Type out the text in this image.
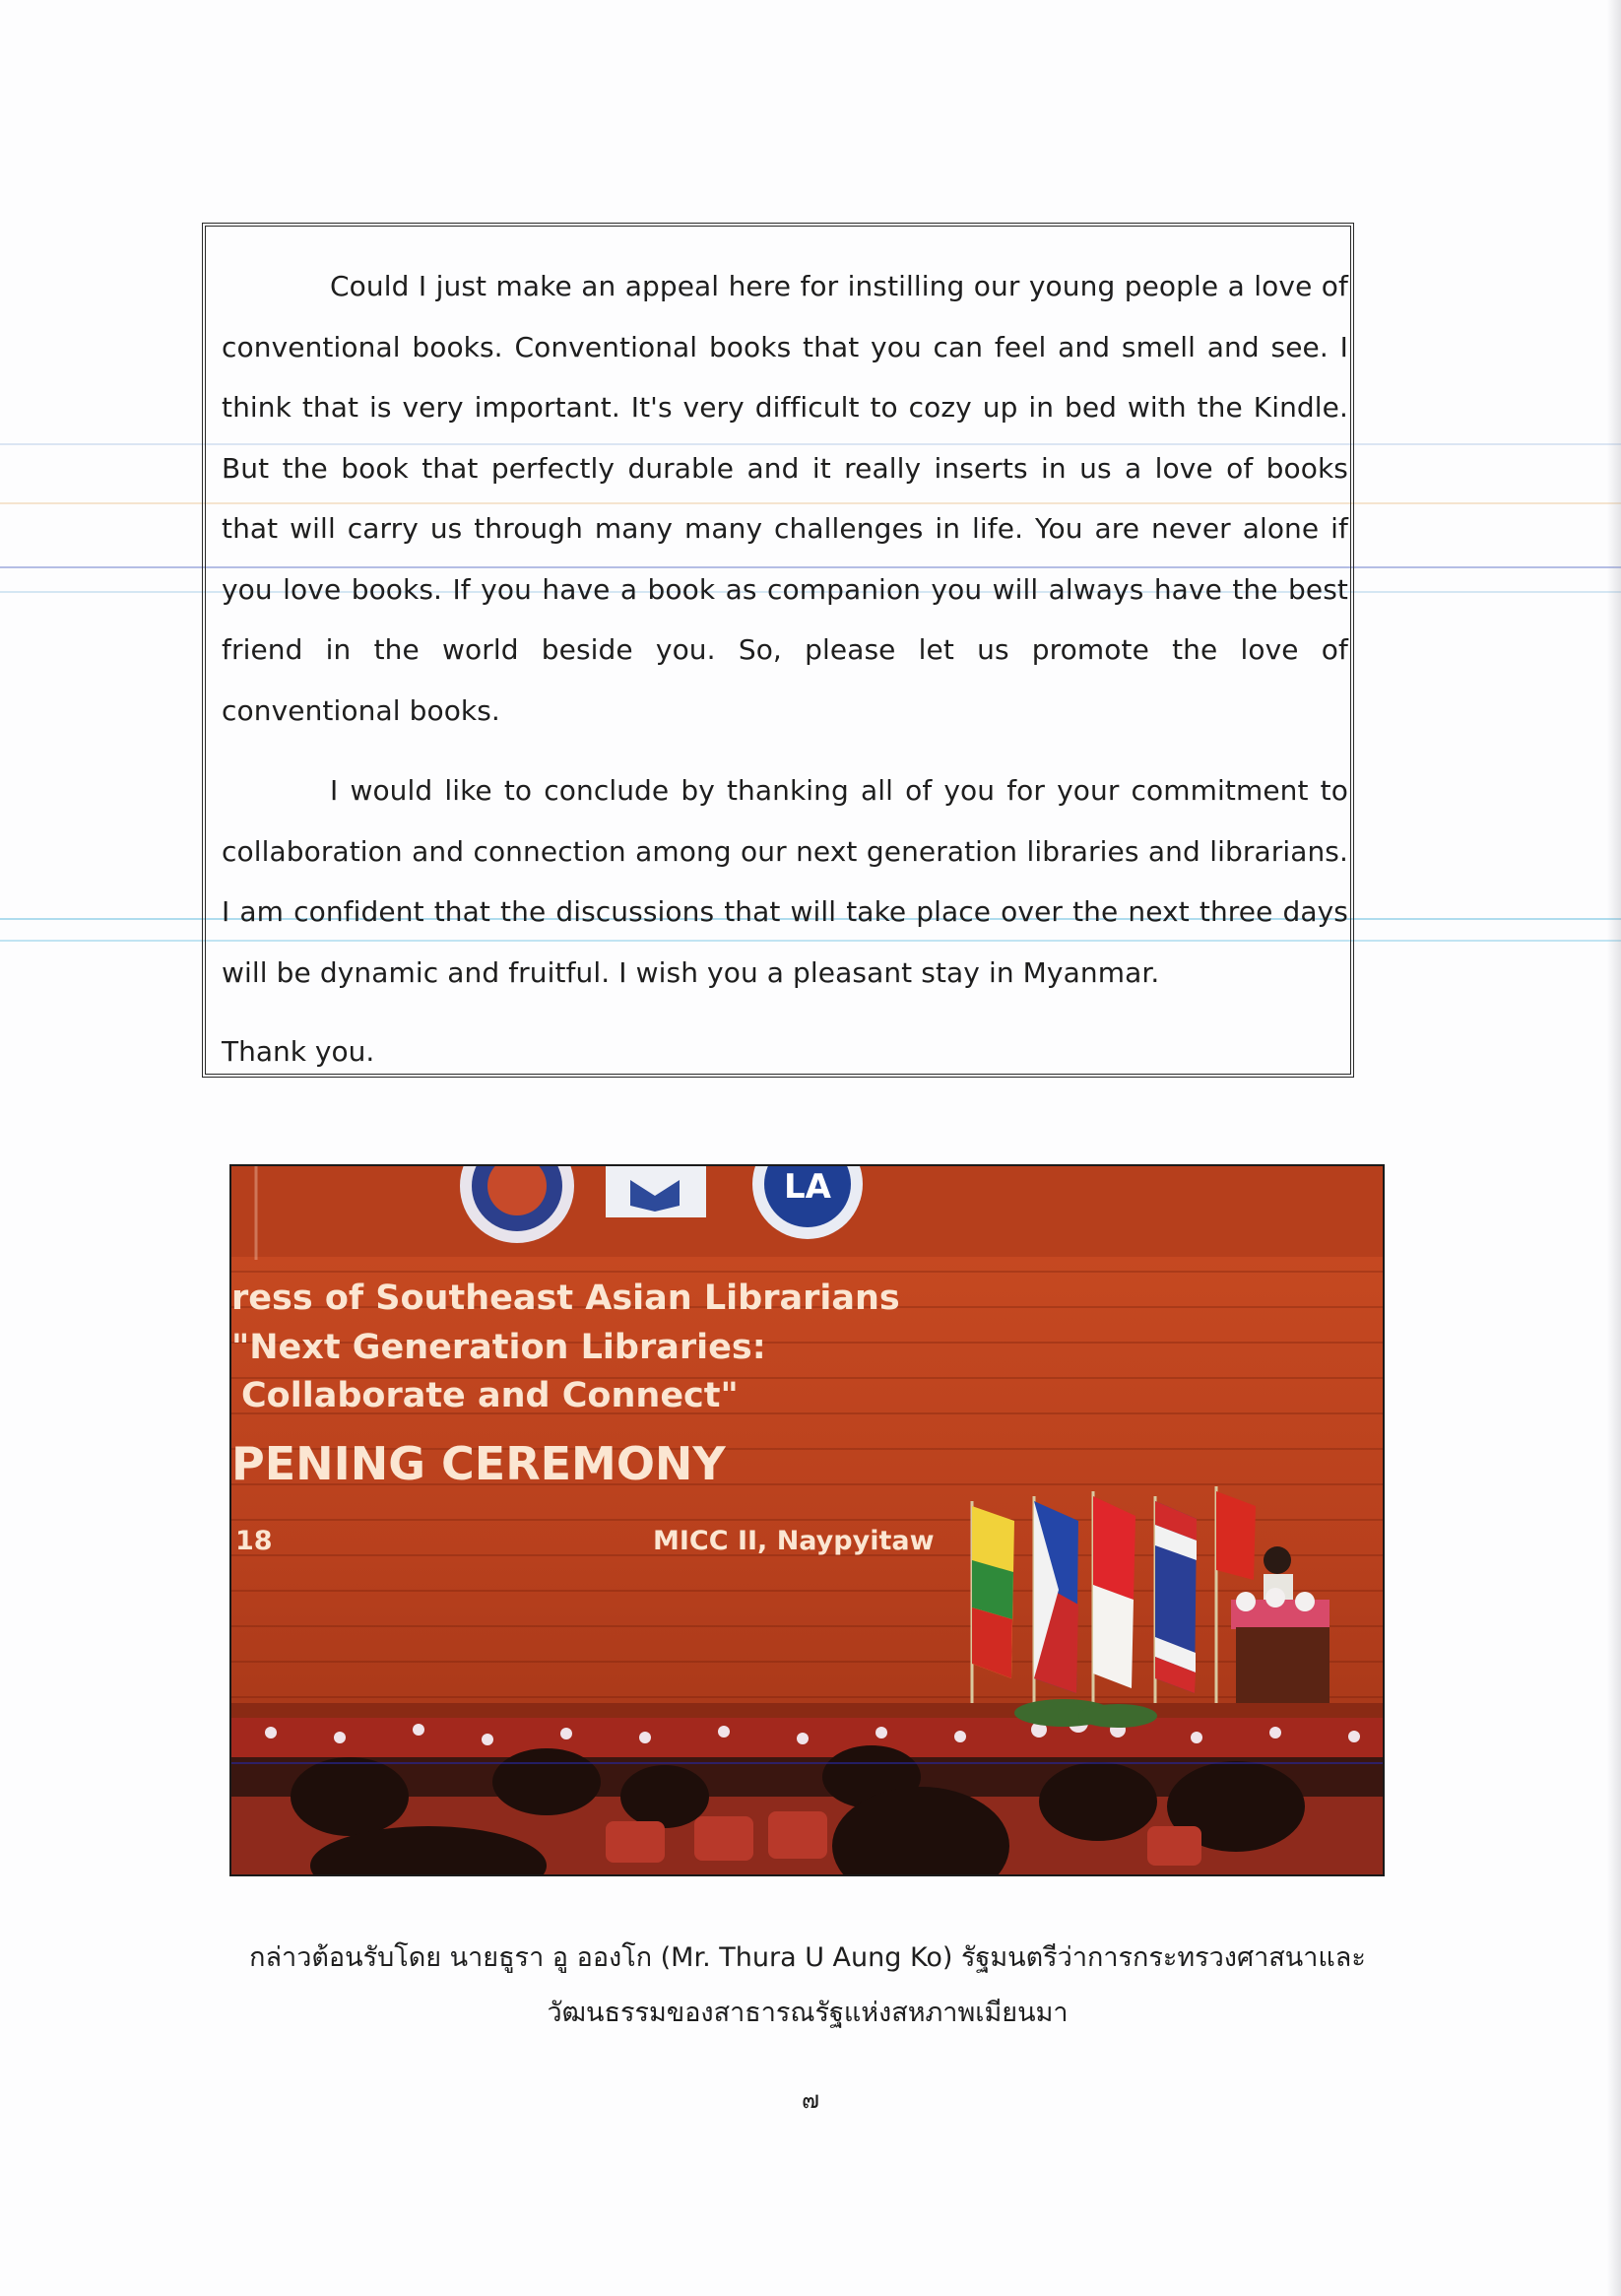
Could I just make an appeal here for instilling our young people a love of conventional books. Conventional books that you can feel and smell and see. I think that is very important. It's very difficult to cozy up in bed with the Kindle. But the book that perfectly durable and it really inserts in us a love of books that will carry us through many many challenges in life. You are never alone if you love books. If you have a book as companion you will always have the best friend in the world beside you. So, please let us promote the love of conventional books.

I would like to conclude by thanking all of you for your commitment to collaboration and connection among our next generation libraries and librarians. I am confident that the discussions that will take place over the next three days will be dynamic and fruitful. I wish you a pleasant stay in Myanmar.

Thank you.

LA
ress of Southeast Asian Librarians
"Next Generation Libraries:
Collaborate and Connect"
PENING CEREMONY
18	MICC II, Naypyitaw
กล่าวต้อนรับโดย นายธูรา อู อองโก (Mr. Thura U Aung Ko) รัฐมนตรีว่าการกระทรวงศาสนาและ
วัฒนธรรมของสาธารณรัฐแห่งสหภาพเมียนมา
๗
